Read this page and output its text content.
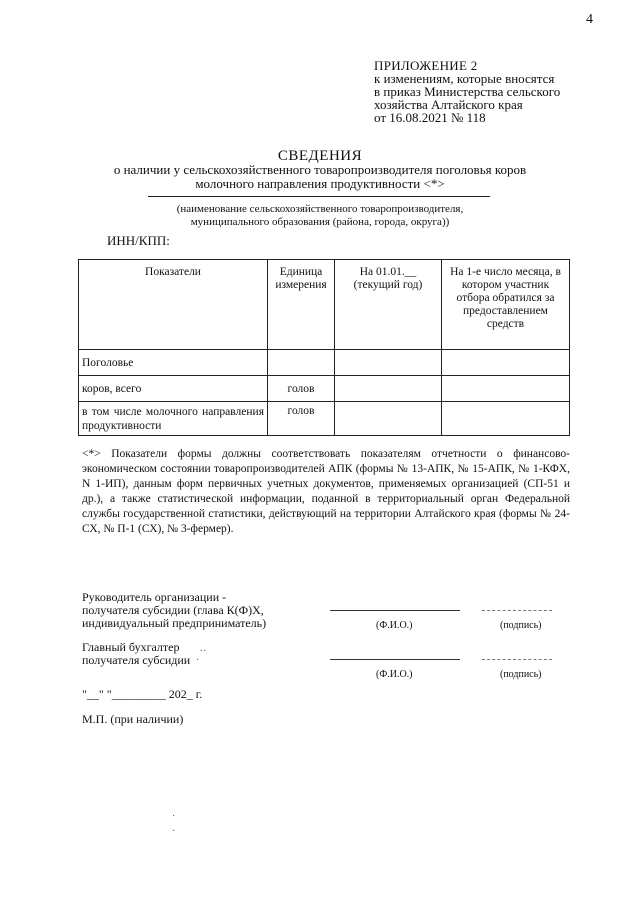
4
ПРИЛОЖЕНИЕ 2
к изменениям, которые вносятся
в приказ Министерства сельского
хозяйства Алтайского края
от 16.08.2021 № 118
СВЕДЕНИЯ
о наличии у сельскохозяйственного товаропроизводителя поголовья коров
молочного направления продуктивности <*>
(наименование сельскохозяйственного товаропроизводителя,
муниципального образования (района, города, округа))
ИНН/КПП:
Показатели	Единица измерения	На 01.01.__ (текущий год)	На 1-е число месяца, в котором участник отбора обратился за предоставлением средств
Поголовье			
коров, всего	голов		
в том числе молочного направления продуктивности	голов		
<*> Показатели формы должны соответствовать показателям отчетности о финансово-экономическом состоянии товаропроизводителей АПК (формы № 13-АПК, № 15-АПК, № 1-КФХ, N 1-ИП), данным форм первичных учетных документов, применяемых организацией (СП-51 и др.), а также статистической информации, поданной в территориальный орган Федеральной службы государственной статистики, действующий на территории Алтайского края (формы № 24-СХ, № П-1 (СХ), № 3-фермер).
Руководитель организации -
получателя субсидии (глава К(Ф)Х,
индивидуальный предприниматель)	(Ф.И.О.)	(подпись)
Главный бухгалтер
получателя субсидии
..
·
(Ф.И.О.)	(подпись)
"__" "_________ 202_ г.
М.П. (при наличии)
·
·
